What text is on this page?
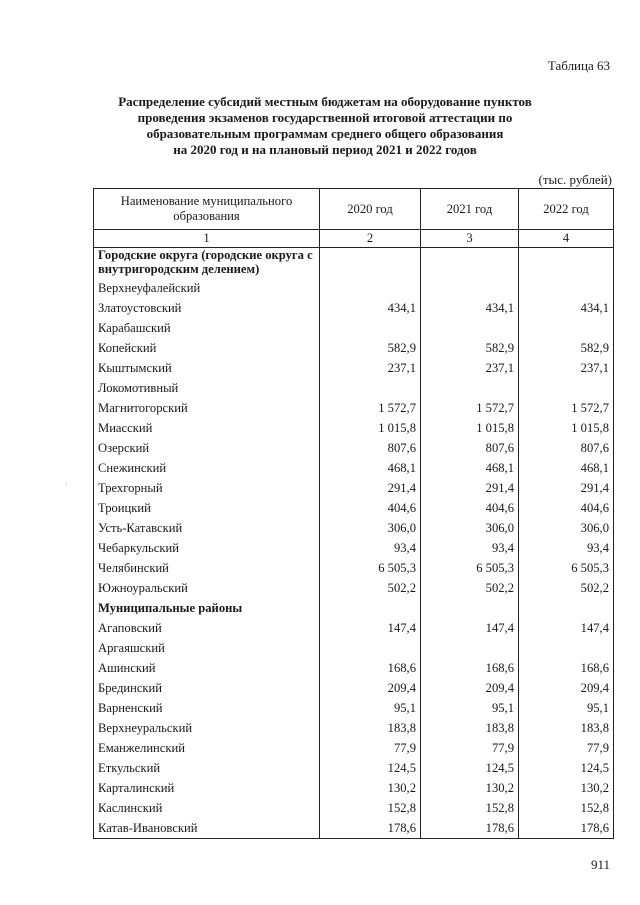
Таблица 63
Распределение субсидий местным бюджетам на оборудование пунктов
проведения экзаменов государственной итоговой аттестации по
образовательным программам среднего общего образования
на 2020 год и на плановый период 2021 и 2022 годов
(тыс. рублей)
Наименование муниципального образования	2020 год	2021 год	2022 год
1	2	3	4
Городские округа (городские округа с внутригородским делением)			
Верхнеуфалейский			
Златоустовский	434,1	434,1	434,1
Карабашский			
Копейский	582,9	582,9	582,9
Кыштымский	237,1	237,1	237,1
Локомотивный			
Магнитогорский	1 572,7	1 572,7	1 572,7
Миасский	1 015,8	1 015,8	1 015,8
Озерский	807,6	807,6	807,6
Снежинский	468,1	468,1	468,1
Трехгорный	291,4	291,4	291,4
Троицкий	404,6	404,6	404,6
Усть-Катавский	306,0	306,0	306,0
Чебаркульский	93,4	93,4	93,4
Челябинский	6 505,3	6 505,3	6 505,3
Южноуральский	502,2	502,2	502,2
Муниципальные районы			
Агаповский	147,4	147,4	147,4
Аргаяшский			
Ашинский	168,6	168,6	168,6
Брединский	209,4	209,4	209,4
Варненский	95,1	95,1	95,1
Верхнеуральский	183,8	183,8	183,8
Еманжелинский	77,9	77,9	77,9
Еткульский	124,5	124,5	124,5
Карталинский	130,2	130,2	130,2
Каслинский	152,8	152,8	152,8
Катав-Ивановский	178,6	178,6	178,6
911
